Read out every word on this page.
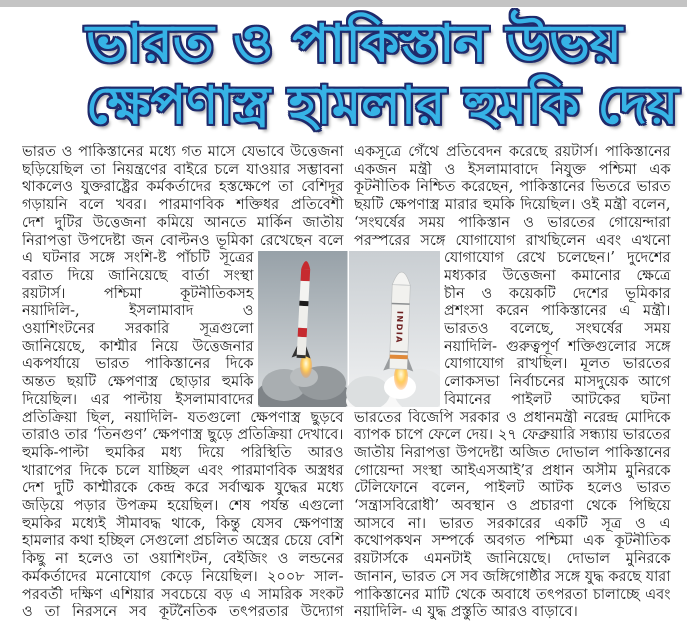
ভারত ও পাকিস্তান উভয়
ক্ষেপণাস্ত্র হামলার হুমকি দেয়
ভারত ও পাকিস্তানের মধ্যে গত মাসে যেভাবে উত্তেজনা
ছড়িয়েছিল তা নিয়ন্ত্রণের বাইরে চলে যাওয়ার সম্ভাবনা
থাকলেও যুক্তরাষ্ট্রের কর্মকর্তাদের হস্তক্ষেপে তা বেশিদূর
গড়ায়নি বলে খবর। পারমাণবিক শক্তিধর প্রতিবেশী
দেশ দুটির উত্তেজনা কমিয়ে আনতে মার্কিন জাতীয়
নিরাপত্তা উপদেষ্টা জন বোল্টনও ভূমিকা রেখেছেন বলে
এ ঘটনার সঙ্গে সংশি-ষ্ট পাঁচটি সূত্রের
বরাত দিয়ে জানিয়েছে বার্তা সংস্থা
রয়টার্স। পশ্চিমা কূটনীতিকসহ
নয়াদিলি-, ইসলামাবাদ ও
ওয়াশিংটনের সরকারি সূত্রগুলো
জানিয়েছে, কাশ্মীর নিয়ে উত্তেজনার
একপর্যায়ে ভারত পাকিস্তানের দিকে
অন্তত ছয়টি ক্ষেপণাস্ত্র ছোড়ার হুমকি
দিয়েছিল। এর পাল্টায় ইসলামাবাদের
প্রতিক্রিয়া ছিল, নয়াদিলি- যতগুলো ক্ষেপণাস্ত্র ছুড়বে
তারাও তার ‘তিনগুণ’ ক্ষেপণাস্ত্র ছুড়ে প্রতিক্রিয়া দেখাবে।
হুমকি-পাল্টা হুমকির মধ্য দিয়ে পরিস্থিতি আরও
খারাপের দিকে চলে যাচ্ছিল এবং পারমাণবিক অস্ত্রধর
দেশ দুটি কাশ্মীরকে কেন্দ্র করে সর্বাত্মক যুদ্ধের মধ্যে
জড়িয়ে পড়ার উপক্রম হয়েছিল। শেষ পর্যন্ত এগুলো
হুমকির মধ্যেই সীমাবদ্ধ থাকে, কিন্তু যেসব ক্ষেপণাস্ত্র
হামলার কথা হচ্ছিল সেগুলো প্রচলিত অস্ত্রের চেয়ে বেশি
কিছু না হলেও তা ওয়াশিংটন, বেইজিং ও লন্ডনের
কর্মকর্তাদের মনোযোগ কেড়ে নিয়েছিল। ২০০৮ সাল-
পরবর্তী দক্ষিণ এশিয়ার সবচেয়ে বড় এ সামরিক সংকট
ও তা নিরসনে সব কূটনৈতিক তৎপরতার উদ্যোগ
একসূত্রে গেঁথে প্রতিবেদন করেছে রয়টার্স। পাকিস্তানের
একজন মন্ত্রী ও ইসলামাবাদে নিযুক্ত পশ্চিমা এক
কূটনীতিক নিশ্চিত করেছেন, পাকিস্তানের ভিতরে ভারত
ছয়টি ক্ষেপণাস্ত্র মারার হুমকি দিয়েছিল। ওই মন্ত্রী বলেন,
‘সংঘর্ষের সময় পাকিস্তান ও ভারতের গোয়েন্দারা
পরস্পরের সঙ্গে যোগাযোগ রাখছিলেন এবং এখনো
যোগাযোগ রেখে চলেছেন।’ দুদেশের
মধ্যকার উত্তেজনা কমানোর ক্ষেত্রে
চীন ও কয়েকটি দেশের ভূমিকার
প্রশংসা করেন পাকিস্তানের এ মন্ত্রী।
ভারতও বলেছে, সংঘর্ষের সময়
নয়াদিলি- গুরুত্বপূর্ণ শক্তিগুলোর সঙ্গে
যোগাযোগ রাখছিল। মূলত ভারতের
লোকসভা নির্বাচনের মাসদুয়েক আগে
বিমানের পাইলট আটকের ঘটনা
ভারতের বিজেপি সরকার ও প্রধানমন্ত্রী নরেন্দ্র মোদিকে
ব্যাপক চাপে ফেলে দেয়। ২৭ ফেব্রুয়ারি সন্ধ্যায় ভারতের
জাতীয় নিরাপত্তা উপদেষ্টা অজিত দোভাল পাকিস্তানের
গোয়েন্দা সংস্থা আইএসআই’র প্রধান অসীম মুনিরকে
টেলিফোনে বলেন, পাইলট আটক হলেও ভারত
‘সন্ত্রাসবিরোধী’ অবস্থান ও প্রচারণা থেকে পিছিয়ে
আসবে না। ভারত সরকারের একটি সূত্র ও এ
কথোপকথন সম্পর্কে অবগত পশ্চিমা এক কূটনীতিক
রয়টার্সকে এমনটাই জানিয়েছে। দোভাল মুনিরকে
জানান, ভারত সে সব জঙ্গিগোষ্ঠীর সঙ্গে যুদ্ধ করছে যারা
পাকিস্তানের মাটি থেকে অবাধে তৎপরতা চালাচ্ছে এবং
নয়াদিলি- এ যুদ্ধ প্রস্তুতি আরও বাড়াবে।
INDIA
